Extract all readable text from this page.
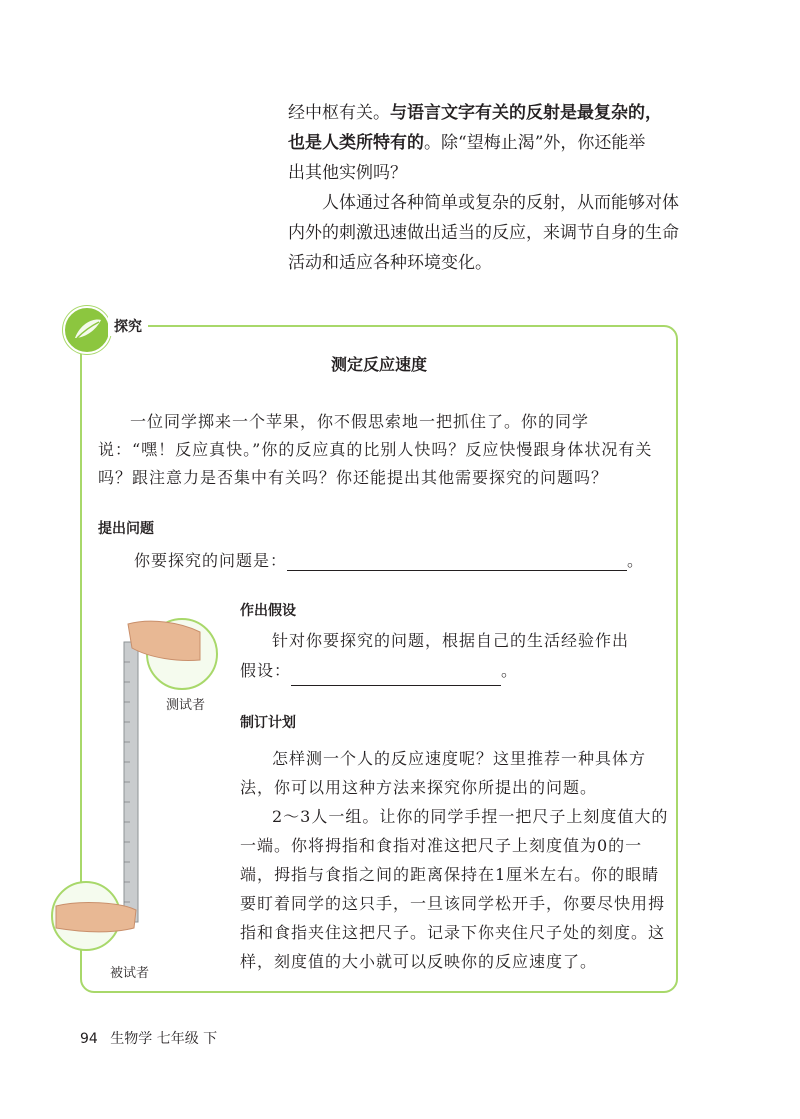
经中枢有关。与语言文字有关的反射是最复杂的，

也是人类所特有的。除“望梅止渴”外，你还能举

出其他实例吗？

人体通过各种简单或复杂的反射，从而能够对体内外的刺激迅速做出适当的反应，来调节自身的生命活动和适应各种环境变化。

探究
测定反应速度

一位同学掷来一个苹果，你不假思索地一把抓住了。你的同学说：“嘿！反应真快。”你的反应真的比别人快吗？反应快慢跟身体状况有关吗？跟注意力是否集中有关吗？你还能提出其他需要探究的问题吗？

提出问题
你要探究的问题是：	。
测试者
被试者
作出假设

针对你要探究的问题，根据自己的生活经验作出

假设：	。

制订计划

怎样测一个人的反应速度呢？这里推荐一种具体方法，你可以用这种方法来探究你所提出的问题。

2～3人一组。让你的同学手捏一把尺子上刻度值大的一端。你将拇指和食指对准这把尺子上刻度值为0的一端，拇指与食指之间的距离保持在1厘米左右。你的眼睛要盯着同学的这只手，一旦该同学松开手，你要尽快用拇指和食指夹住这把尺子。记录下你夹住尺子处的刻度。这样，刻度值的大小就可以反映你的反应速度了。

94 生物学 七年级 下
